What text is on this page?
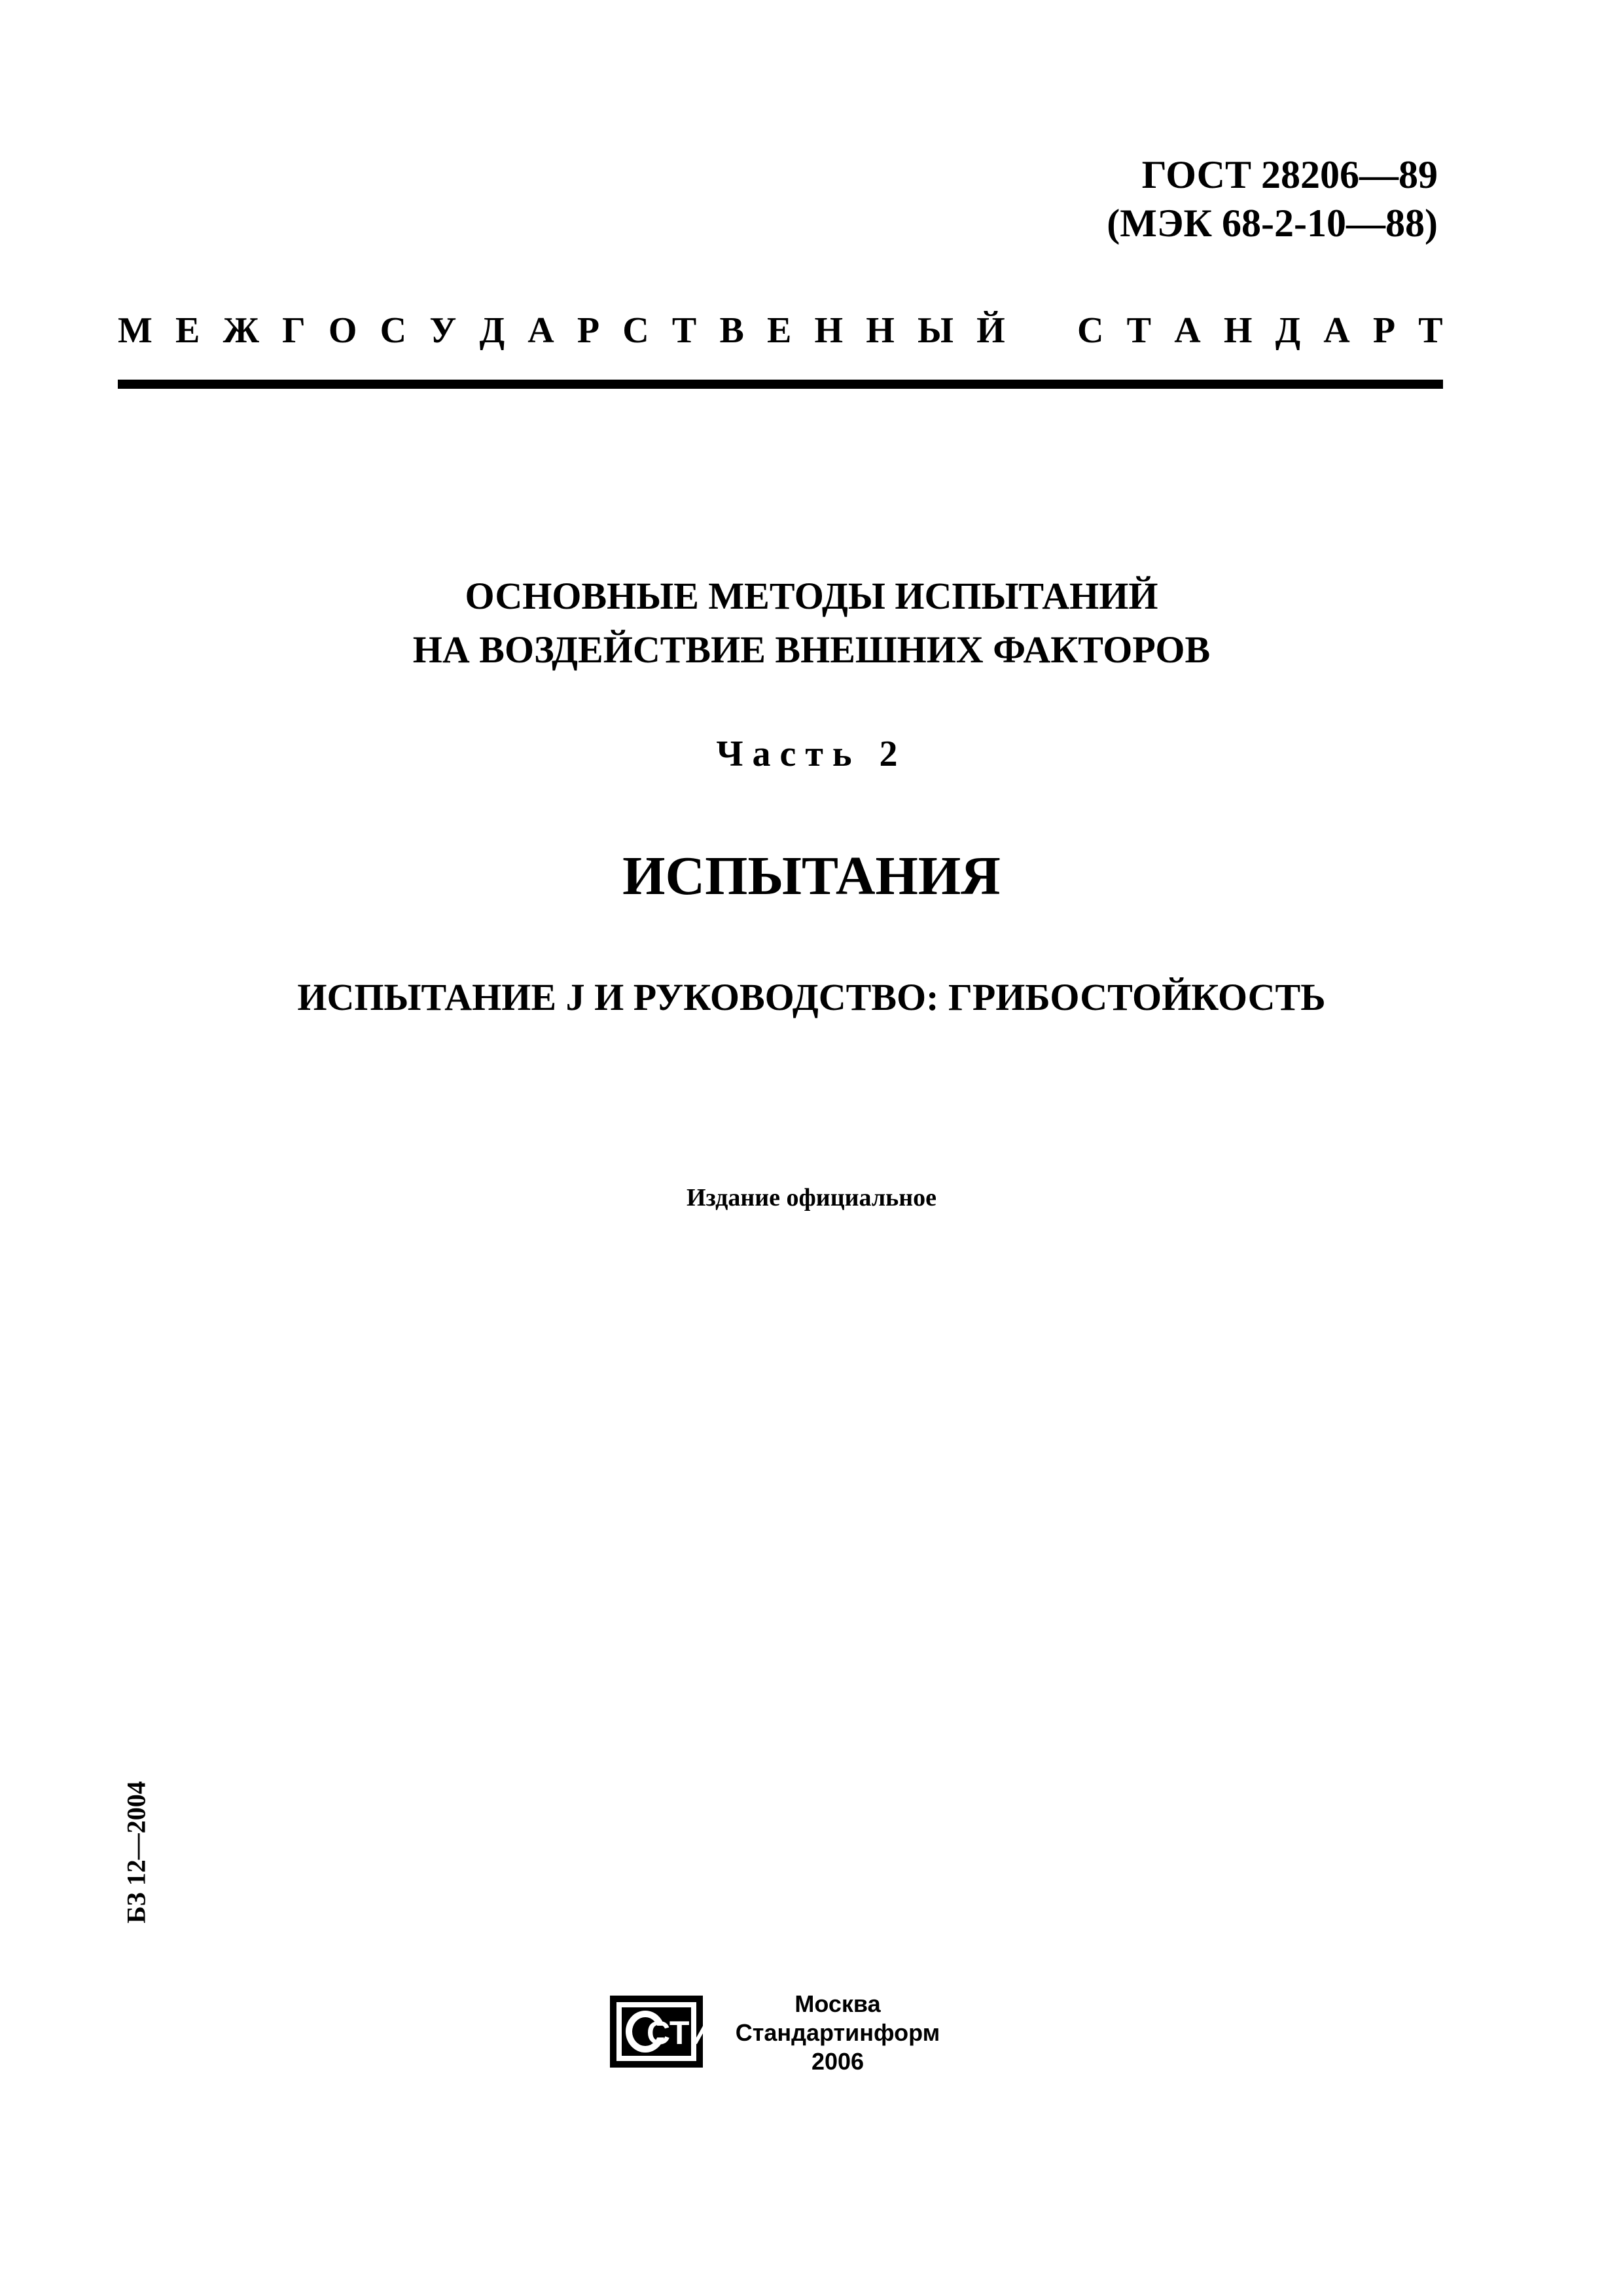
ГОСТ 28206—89
(МЭК 68-2-10—88)
М Е Ж Г О С У Д А Р С Т В Е Н Н Ы Й С Т А Н Д А Р Т
ОСНОВНЫЕ МЕТОДЫ ИСПЫТАНИЙ
НА ВОЗДЕЙСТВИЕ ВНЕШНИХ ФАКТОРОВ
Часть 2
ИСПЫТАНИЯ
ИСПЫТАНИЕ J И РУКОВОДСТВО: ГРИБОСТОЙКОСТЬ
Издание официальное
БЗ 12—2004
СТИ
Москва
Стандартинформ
2006
